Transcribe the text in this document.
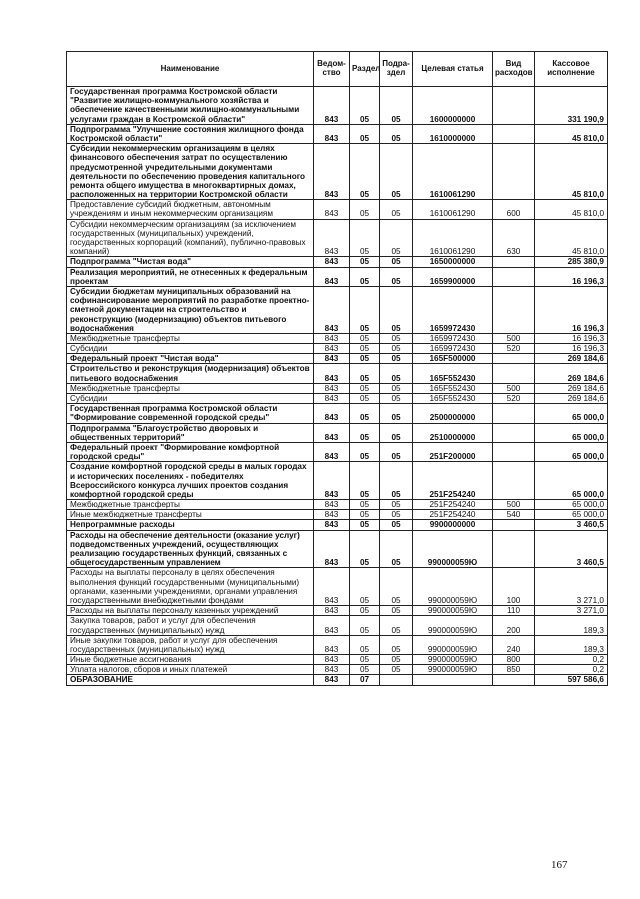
Наименование	Ведом-ство	Раздел	Подра-здел	Целевая статья	Вид расходов	Кассовое исполнение
Государственная программа Костромской области "Развитие жилищно-коммунального хозяйства и обеспечение качественными жилищно-коммунальными услугами граждан в Костромской области"	843	05	05	1600000000		331 190,9
Подпрограмма "Улучшение состояния жилищного фонда Костромской области"	843	05	05	1610000000		45 810,0
Субсидии некоммерческим организациям в целях финансового обеспечения затрат по осуществлению предусмотренной учредительными документами деятельности по обеспечению проведения капитального ремонта общего имущества в многоквартирных домах, расположенных на территории Костромской области	843	05	05	1610061290		45 810,0
Предоставление субсидий бюджетным, автономным учреждениям и иным некоммерческим организациям	843	05	05	1610061290	600	45 810,0
Субсидии некоммерческим организациям (за исключением государственных (муниципальных) учреждений, государственных корпораций (компаний), публично-правовых компаний)	843	05	05	1610061290	630	45 810,0
Подпрограмма "Чистая вода"	843	05	05	1650000000		285 380,9
Реализация мероприятий, не отнесенных к федеральным проектам	843	05	05	1659900000		16 196,3
Субсидии бюджетам муниципальных образований на софинансирование мероприятий по разработке проектно-сметной документации на строительство и реконструкцию (модернизацию) объектов питьевого водоснабжения	843	05	05	1659972430		16 196,3
Межбюджетные трансферты	843	05	05	1659972430	500	16 196,3
Субсидии	843	05	05	1659972430	520	16 196,3
Федеральный проект "Чистая вода"	843	05	05	165F500000		269 184,6
Строительство и реконструкция (модернизация) объектов питьевого водоснабжения	843	05	05	165F552430		269 184,6
Межбюджетные трансферты	843	05	05	165F552430	500	269 184,6
Субсидии	843	05	05	165F552430	520	269 184,6
Государственная программа Костромской области "Формирование современной городской среды"	843	05	05	2500000000		65 000,0
Подпрограмма "Благоустройство дворовых и общественных территорий"	843	05	05	2510000000		65 000,0
Федеральный проект "Формирование комфортной городской среды"	843	05	05	251F200000		65 000,0
Создание комфортной городской среды в малых городах и исторических поселениях - победителях Всероссийского конкурса лучших проектов создания комфортной городской среды	843	05	05	251F254240		65 000,0
Межбюджетные трансферты	843	05	05	251F254240	500	65 000,0
Иные межбюджетные трансферты	843	05	05	251F254240	540	65 000,0
Непрограммные расходы	843	05	05	9900000000		3 460,5
Расходы на обеспечение деятельности (оказание услуг) подведомственных учреждений, осуществляющих реализацию государственных функций, связанных с общегосударственным управлением	843	05	05	990000059Ю		3 460,5
Расходы на выплаты персоналу в целях обеспечения выполнения функций государственными (муниципальными) органами, казенными учреждениями, органами управления государственными внебюджетными фондами	843	05	05	990000059Ю	100	3 271,0
Расходы на выплаты персоналу казенных учреждений	843	05	05	990000059Ю	110	3 271,0
Закупка товаров, работ и услуг для обеспечения государственных (муниципальных) нужд	843	05	05	990000059Ю	200	189,3
Иные закупки товаров, работ и услуг для обеспечения государственных (муниципальных) нужд	843	05	05	990000059Ю	240	189,3
Иные бюджетные ассигнования	843	05	05	990000059Ю	800	0,2
Уплата налогов, сборов и иных платежей	843	05	05	990000059Ю	850	0,2
ОБРАЗОВАНИЕ	843	07				597 586,6
167
